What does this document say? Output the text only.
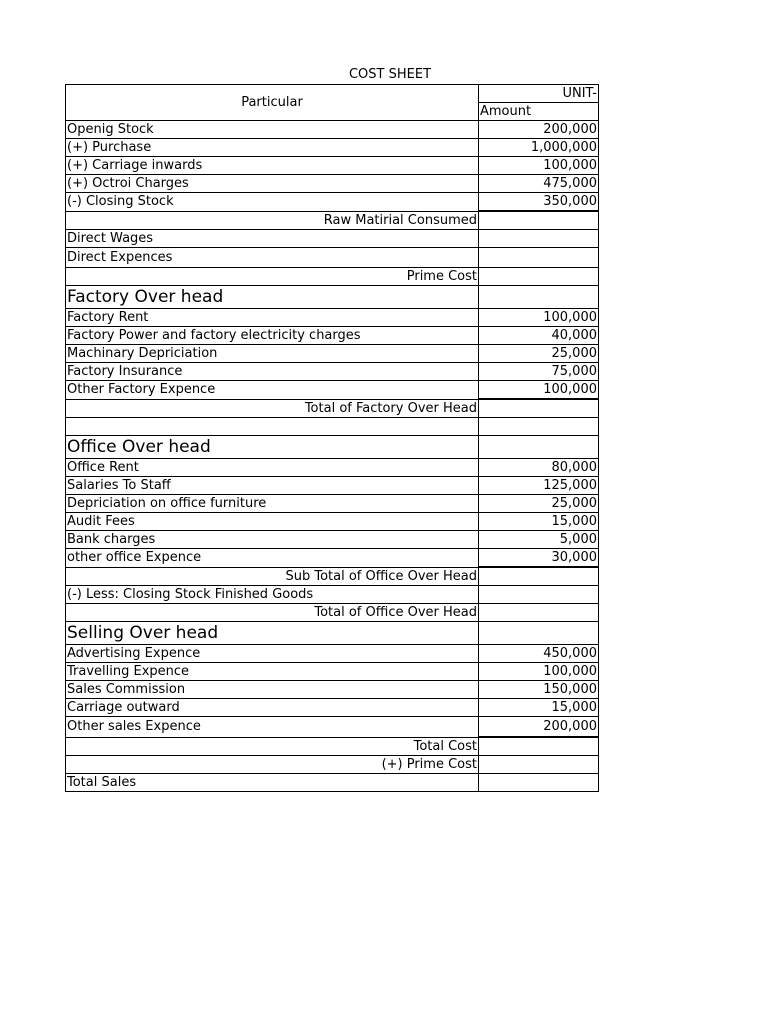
COST SHEET
Particular	UNIT-
	Amount
Openig Stock	200,000
(+) Purchase	1,000,000
(+) Carriage inwards	100,000
(+) Octroi Charges	475,000
(-) Closing Stock	350,000
Raw Matirial Consumed	
Direct Wages	
Direct Expences	
Prime Cost	
Factory Over head	
Factory Rent	100,000
Factory Power and factory electricity charges	40,000
Machinary Depriciation	25,000
Factory Insurance	75,000
Other Factory Expence	100,000
Total of Factory Over Head	

Office Over head	
Office Rent	80,000
Salaries To Staff	125,000
Depriciation on office furniture	25,000
Audit Fees	15,000
Bank charges	5,000
other office Expence	30,000
Sub Total of Office Over Head	
(-) Less: Closing Stock Finished Goods	
Total of Office Over Head	
Selling Over head	
Advertising Expence	450,000
Travelling Expence	100,000
Sales Commission	150,000
Carriage outward	15,000
Other sales Expence	200,000
Total Cost	
(+) Prime Cost	
Total Sales	
